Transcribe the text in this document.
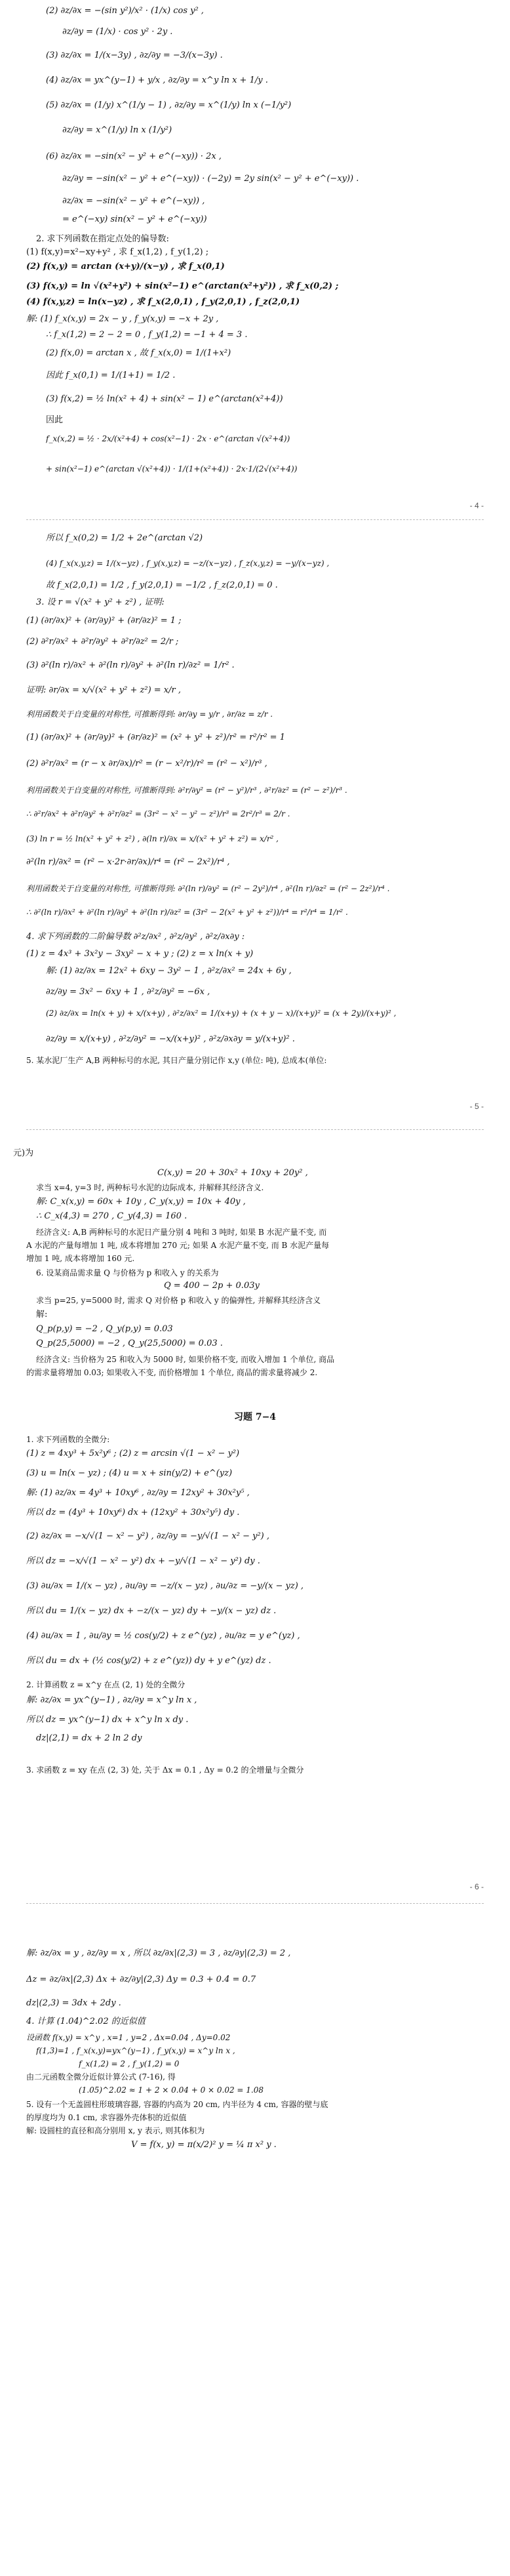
(2) ∂z/∂x = −(sin y²)/x² · (1/x) cos y² ,
∂z/∂y = (1/x) · cos y² · 2y .
(3) ∂z/∂x = 1/(x−3y) , ∂z/∂y = −3/(x−3y) .
(4) ∂z/∂x = yx^(y−1) + y/x , ∂z/∂y = x^y ln x + 1/y .
(5) ∂z/∂x = (1/y) x^(1/y − 1) , ∂z/∂y = x^(1/y) ln x (−1/y²)
∂z/∂y = x^(1/y) ln x (1/y²)
(6) ∂z/∂x = −sin(x² − y² + e^(−xy)) · 2x ,
∂z/∂y = −sin(x² − y² + e^(−xy)) · (−2y) = 2y sin(x² − y² + e^(−xy)) .
∂z/∂x = −sin(x² − y² + e^(−xy)) ,
= e^(−xy) sin(x² − y² + e^(−xy))
2. 求下列函数在指定点处的偏导数:
(1) f(x,y)=x²−xy+y² , 求 f_x(1,2) , f_y(1,2) ;
(2) f(x,y) = arctan (x+y)/(x−y) , 求 f_x(0,1)
(3) f(x,y) = ln √(x²+y²) + sin(x²−1) e^(arctan(x²+y²)) , 求 f_x(0,2) ;
(4) f(x,y,z) = ln(x−yz) , 求 f_x(2,0,1) , f_y(2,0,1) , f_z(2,0,1)
解: (1) f_x(x,y) = 2x − y , f_y(x,y) = −x + 2y ,
∴ f_x(1,2) = 2 − 2 = 0 , f_y(1,2) = −1 + 4 = 3 .
(2) f(x,0) = arctan x , 故 f_x(x,0) = 1/(1+x²)
因此 f_x(0,1) = 1/(1+1) = 1/2 .
(3) f(x,2) = ½ ln(x² + 4) + sin(x² − 1) e^(arctan(x²+4))
因此
f_x(x,2) = ½ · 2x/(x²+4) + cos(x²−1) · 2x · e^(arctan √(x²+4))
+ sin(x²−1) e^(arctan √(x²+4)) · 1/(1+(x²+4)) · 2x·1/(2√(x²+4))
- 4 -
所以 f_x(0,2) = 1/2 + 2e^(arctan √2)
(4) f_x(x,y,z) = 1/(x−yz) , f_y(x,y,z) = −z/(x−yz) , f_z(x,y,z) = −y/(x−yz) ,
故 f_x(2,0,1) = 1/2 , f_y(2,0,1) = −1/2 , f_z(2,0,1) = 0 .
3. 设 r = √(x² + y² + z²) , 证明:
(1) (∂r/∂x)² + (∂r/∂y)² + (∂r/∂z)² = 1 ;
(2) ∂²r/∂x² + ∂²r/∂y² + ∂²r/∂z² = 2/r ;
(3) ∂²(ln r)/∂x² + ∂²(ln r)/∂y² + ∂²(ln r)/∂z² = 1/r² .
证明: ∂r/∂x = x/√(x² + y² + z²) = x/r ,
利用函数关于自变量的对称性, 可推断得到: ∂r/∂y = y/r , ∂r/∂z = z/r .
(1) (∂r/∂x)² + (∂r/∂y)² + (∂r/∂z)² = (x² + y² + z²)/r² = r²/r² = 1
(2) ∂²r/∂x² = (r − x ∂r/∂x)/r² = (r − x²/r)/r² = (r² − x²)/r³ ,
利用函数关于自变量的对称性, 可推断得到: ∂²r/∂y² = (r² − y²)/r³ , ∂²r/∂z² = (r² − z²)/r³ .
∴ ∂²r/∂x² + ∂²r/∂y² + ∂²r/∂z² = (3r² − x² − y² − z²)/r³ = 2r²/r³ = 2/r .
(3) ln r = ½ ln(x² + y² + z²) , ∂(ln r)/∂x = x/(x² + y² + z²) = x/r² ,
∂²(ln r)/∂x² = (r² − x·2r·∂r/∂x)/r⁴ = (r² − 2x²)/r⁴ ,
利用函数关于自变量的对称性, 可推断得到: ∂²(ln r)/∂y² = (r² − 2y²)/r⁴ , ∂²(ln r)/∂z² = (r² − 2z²)/r⁴ .
∴ ∂²(ln r)/∂x² + ∂²(ln r)/∂y² + ∂²(ln r)/∂z² = (3r² − 2(x² + y² + z²))/r⁴ = r²/r⁴ = 1/r² .
4. 求下列函数的二阶偏导数 ∂²z/∂x² , ∂²z/∂y² , ∂²z/∂x∂y :
(1) z = 4x³ + 3x²y − 3xy² − x + y ; (2) z = x ln(x + y)
解: (1) ∂z/∂x = 12x² + 6xy − 3y² − 1 , ∂²z/∂x² = 24x + 6y ,
∂z/∂y = 3x² − 6xy + 1 , ∂²z/∂y² = −6x ,
(2) ∂z/∂x = ln(x + y) + x/(x+y) , ∂²z/∂x² = 1/(x+y) + (x + y − x)/(x+y)² = (x + 2y)/(x+y)² ,
∂z/∂y = x/(x+y) , ∂²z/∂y² = −x/(x+y)² , ∂²z/∂x∂y = y/(x+y)² .
5. 某水泥厂生产 A,B 两种标号的水泥, 其日产量分别记作 x,y (单位: 吨), 总成本(单位:
- 5 -
元)为
C(x,y) = 20 + 30x² + 10xy + 20y² ,
求当 x=4, y=3 时, 两种标号水泥的边际成本, 并解释其经济含义.
解: C_x(x,y) = 60x + 10y , C_y(x,y) = 10x + 40y ,
∴ C_x(4,3) = 270 , C_y(4,3) = 160 .
经济含义: A,B 两种标号的水泥日产量分别 4 吨和 3 吨时, 如果 B 水泥产量不变, 而
A 水泥的产量每增加 1 吨, 成本将增加 270 元; 如果 A 水泥产量不变, 而 B 水泥产量每
增加 1 吨, 成本将增加 160 元.
6. 设某商品需求量 Q 与价格为 p 和收入 y 的关系为
Q = 400 − 2p + 0.03y
求当 p=25, y=5000 时, 需求 Q 对价格 p 和收入 y 的偏弹性, 并解释其经济含义
解:
Q_p(p,y) = −2 , Q_y(p,y) = 0.03
Q_p(25,5000) = −2 , Q_y(25,5000) = 0.03 .
经济含义: 当价格为 25 和收入为 5000 时, 如果价格不变, 而收入增加 1 个单位, 商品
的需求量将增加 0.03; 如果收入不变, 而价格增加 1 个单位, 商品的需求量将减少 2.
习题 7−4
1. 求下列函数的全微分:
(1) z = 4xy³ + 5x²y⁶ ; (2) z = arcsin √(1 − x² − y²)
(3) u = ln(x − yz) ; (4) u = x + sin(y/2) + e^(yz)
解: (1) ∂z/∂x = 4y³ + 10xy⁶ , ∂z/∂y = 12xy² + 30x²y⁵ ,
所以 dz = (4y³ + 10xy⁶) dx + (12xy² + 30x²y⁵) dy .
(2) ∂z/∂x = −x/√(1 − x² − y²) , ∂z/∂y = −y/√(1 − x² − y²) ,
所以 dz = −x/√(1 − x² − y²) dx + −y/√(1 − x² − y²) dy .
(3) ∂u/∂x = 1/(x − yz) , ∂u/∂y = −z/(x − yz) , ∂u/∂z = −y/(x − yz) ,
所以 du = 1/(x − yz) dx + −z/(x − yz) dy + −y/(x − yz) dz .
(4) ∂u/∂x = 1 , ∂u/∂y = ½ cos(y/2) + z e^(yz) , ∂u/∂z = y e^(yz) ,
所以 du = dx + (½ cos(y/2) + z e^(yz)) dy + y e^(yz) dz .
2. 计算函数 z = x^y 在点 (2, 1) 处的全微分
解: ∂z/∂x = yx^(y−1) , ∂z/∂y = x^y ln x ,
所以 dz = yx^(y−1) dx + x^y ln x dy .
dz|(2,1) = dx + 2 ln 2 dy
3. 求函数 z = xy 在点 (2, 3) 处, 关于 Δx = 0.1 , Δy = 0.2 的全增量与全微分
- 6 -
解: ∂z/∂x = y , ∂z/∂y = x , 所以 ∂z/∂x|(2,3) = 3 , ∂z/∂y|(2,3) = 2 ,
Δz = ∂z/∂x|(2,3) Δx + ∂z/∂y|(2,3) Δy = 0.3 + 0.4 = 0.7
dz|(2,3) = 3dx + 2dy .
4. 计算 (1.04)^2.02 的近似值
设函数 f(x,y) = x^y , x=1 , y=2 , Δx=0.04 , Δy=0.02
f(1,3)=1 , f_x(x,y)=yx^(y−1) , f_y(x,y) = x^y ln x ,
f_x(1,2) = 2 , f_y(1,2) = 0
由二元函数全微分近似计算公式 (7-16), 得
(1.05)^2.02 ≈ 1 + 2 × 0.04 + 0 × 0.02 = 1.08
5. 设有一个无盖圆柱形玻璃容器, 容器的内高为 20 cm, 内半径为 4 cm, 容器的壁与底
的厚度均为 0.1 cm, 求容器外壳体积的近似值
解: 设圆柱的直径和高分别用 x, y 表示, 则其体积为
V = f(x, y) = π(x/2)² y = ¼ π x² y .
